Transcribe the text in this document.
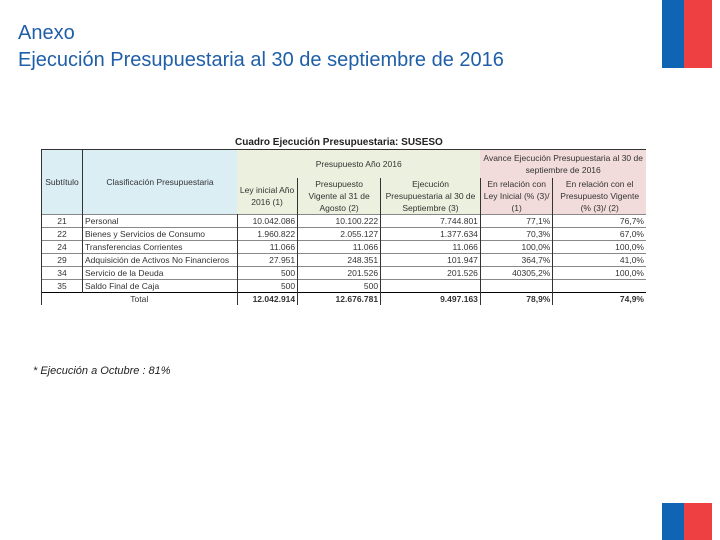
Anexo
Ejecución Presupuestaria al 30 de septiembre de 2016
Cuadro Ejecución Presupuestaria: SUSESO
Subtítulo	Clasificación Presupuestaria	Presupuesto Año 2016			Avance Ejecución Presupuestaria al 30 de septiembre de 2016	
		Ley inicial Año 2016 (1)	Presupuesto Vigente al 31 de Agosto (2)	Ejecución Presupuestaria al 30 de Septiembre (3)	En relación con Ley Inicial (% (3)/ (1)	En relación con el Presupuesto Vigente (% (3)/ (2)
21	Personal	10.042.086	10.100.222	7.744.801	77,1%	76,7%
22	Bienes y Servicios de Consumo	1.960.822	2.055.127	1.377.634	70,3%	67,0%
24	Transferencias Corrientes	11.066	11.066	11.066	100,0%	100,0%
29	Adquisición de Activos No Financieros	27.951	248.351	101.947	364,7%	41,0%
34	Servicio de la Deuda	500	201.526	201.526	40305,2%	100,0%
35	Saldo Final de Caja	500	500			
Total		12.042.914	12.676.781	9.497.163	78,9%	74,9%
* Ejecución a Octubre : 81%
